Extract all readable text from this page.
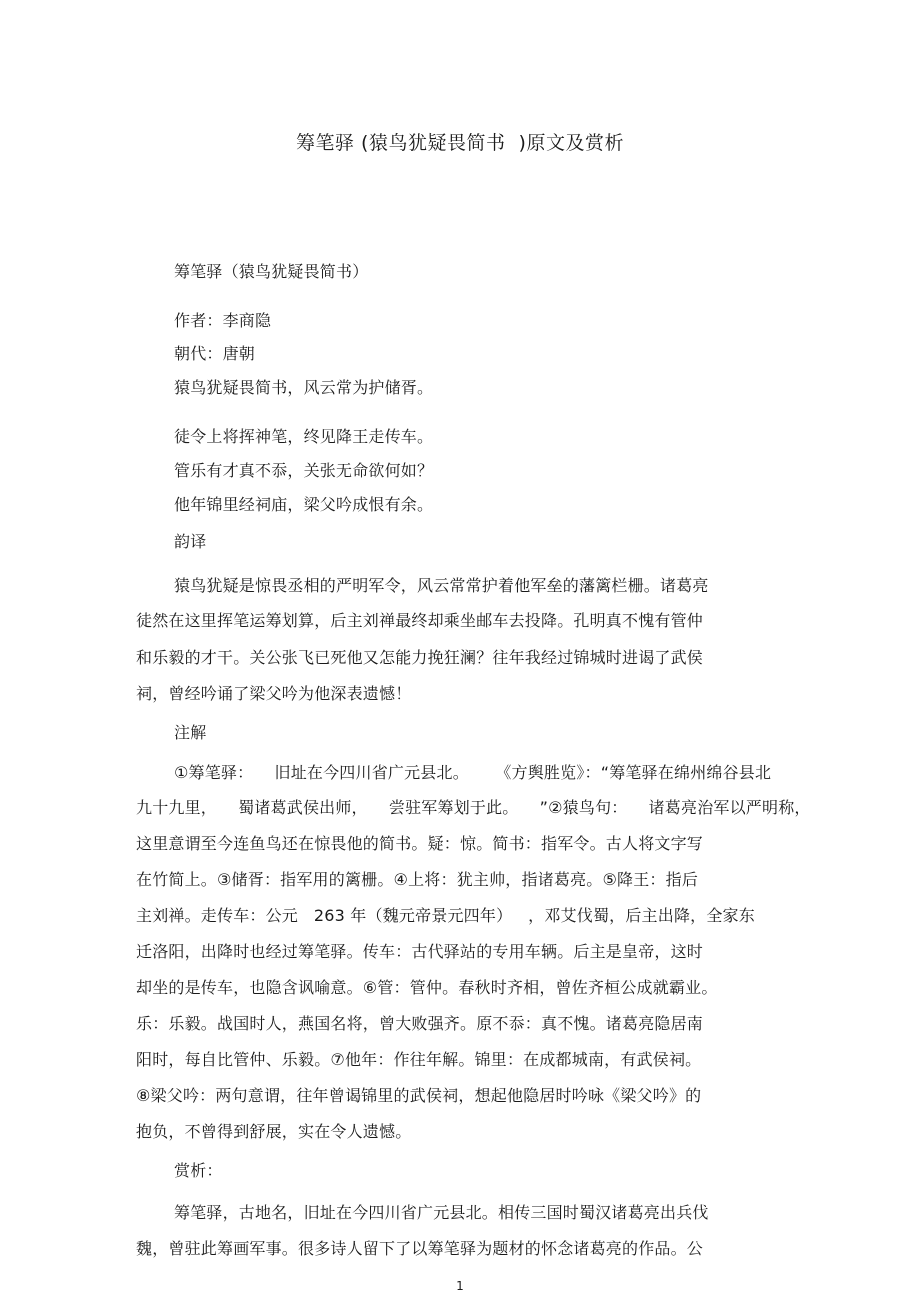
筹笔驿 (猿鸟犹疑畏简书  )原文及赏析
筹笔驿（猿鸟犹疑畏简书）
作者：李商隐
朝代：唐朝
猿鸟犹疑畏简书，风云常为护储胥。
徒令上将挥神笔，终见降王走传车。
管乐有才真不忝，关张无命欲何如？
他年锦里经祠庙，梁父吟成恨有余。
韵译
猿鸟犹疑是惊畏丞相的严明军令，风云常常护着他军垒的藩篱栏栅。诸葛亮
徒然在这里挥笔运筹划算，后主刘禅最终却乘坐邮车去投降。孔明真不愧有管仲
和乐毅的才干。关公张飞已死他又怎能力挽狂澜？往年我经过锦城时进谒了武侯
祠，曾经吟诵了梁父吟为他深表遗憾！
注解
①筹笔驿：    旧址在今四川省广元县北。     《方舆胜览》：“筹笔驿在绵州绵谷县北
九十九里，    蜀诸葛武侯出师，    尝驻军筹划于此。    ”②猿鸟句：    诸葛亮治军以严明称，
这里意谓至今连鱼鸟还在惊畏他的简书。疑：惊。简书：指军令。古人将文字写
在竹简上。③储胥：指军用的篱栅。④上将：犹主帅，指诸葛亮。⑤降王：指后
主刘禅。走传车：公元   263 年（魏元帝景元四年）   ，邓艾伐蜀，后主出降，全家东
迁洛阳，出降时也经过筹笔驿。传车：古代驿站的专用车辆。后主是皇帝，这时
却坐的是传车，也隐含讽喻意。⑥管：管仲。春秋时齐相，曾佐齐桓公成就霸业。
乐：乐毅。战国时人，燕国名将，曾大败强齐。原不忝：真不愧。诸葛亮隐居南
阳时，每自比管仲、乐毅。⑦他年：作往年解。锦里：在成都城南，有武侯祠。
⑧梁父吟：两句意谓，往年曾谒锦里的武侯祠，想起他隐居时吟咏《梁父吟》的
抱负，不曾得到舒展，实在令人遗憾。
赏析：
筹笔驿，古地名，旧址在今四川省广元县北。相传三国时蜀汉诸葛亮出兵伐
魏，曾驻此筹画军事。很多诗人留下了以筹笔驿为题材的怀念诸葛亮的作品。公
1
